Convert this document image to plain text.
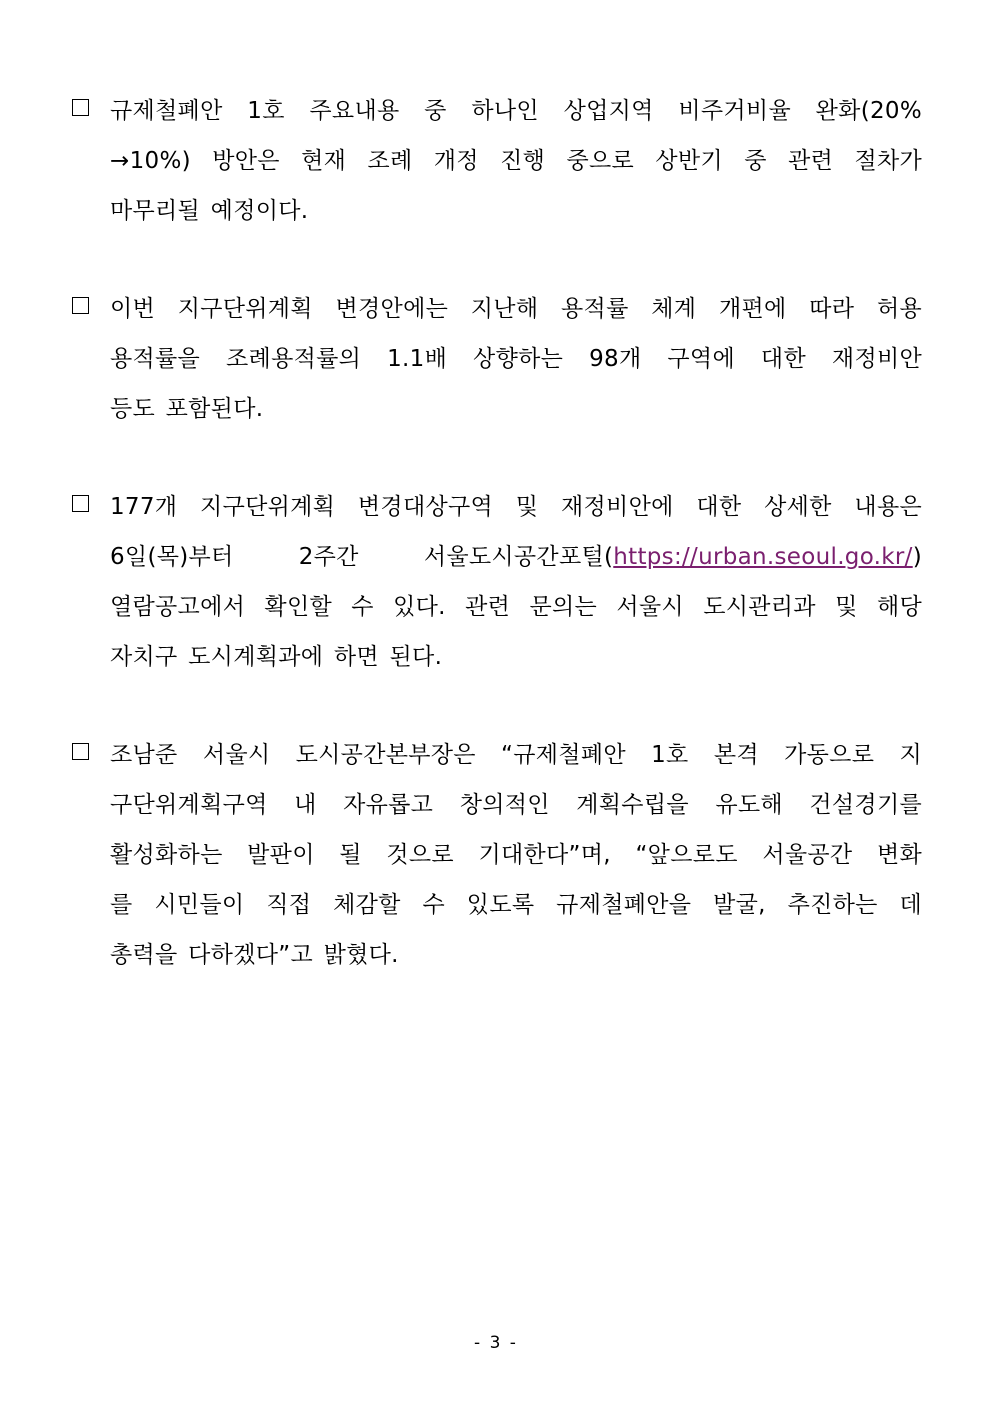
규제철폐안 1호 주요내용 중 하나인 상업지역 비주거비율 완화(20%
→10%) 방안은 현재 조례 개정 진행 중으로 상반기 중 관련 절차가
마무리될 예정이다.
이번 지구단위계획 변경안에는 지난해 용적률 체계 개편에 따라 허용
용적률을 조례용적률의 1.1배 상향하는 98개 구역에 대한 재정비안
등도 포함된다.
177개 지구단위계획 변경대상구역 및 재정비안에 대한 상세한 내용은
6일(목)부터 2주간 서울도시공간포털(https://urban.seoul.go.kr/)
열람공고에서 확인할 수 있다. 관련 문의는 서울시 도시관리과 및 해당
자치구 도시계획과에 하면 된다.
조남준 서울시 도시공간본부장은 “규제철폐안 1호 본격 가동으로 지
구단위계획구역 내 자유롭고 창의적인 계획수립을 유도해 건설경기를
활성화하는 발판이 될 것으로 기대한다”며, “앞으로도 서울공간 변화
를 시민들이 직접 체감할 수 있도록 규제철폐안을 발굴, 추진하는 데
총력을 다하겠다”고 밝혔다.
- 3 -
